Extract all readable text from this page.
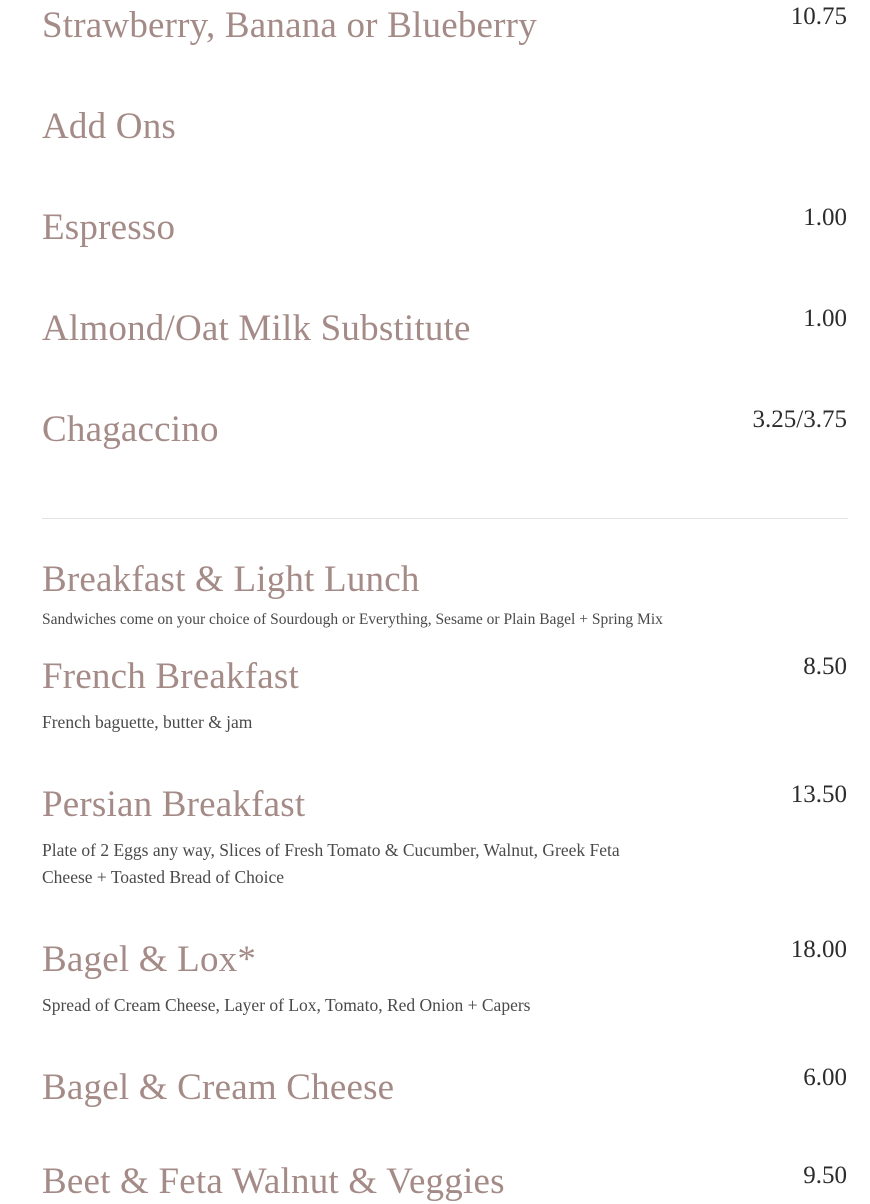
Strawberry, Banana or Blueberry	10.75
Add Ons
Espresso	1.00
Almond/Oat Milk Substitute	1.00
Chagaccino	3.25/3.75
Breakfast & Light Lunch
Sandwiches come on your choice of Sourdough or Everything, Sesame or Plain Bagel + Spring Mix
French Breakfast	8.50
French baguette, butter & jam
Persian Breakfast	13.50
Plate of 2 Eggs any way, Slices of Fresh Tomato & Cucumber, Walnut, Greek Feta Cheese + Toasted Bread of Choice
Bagel & Lox*	18.00
Spread of Cream Cheese, Layer of Lox, Tomato, Red Onion + Capers
Bagel & Cream Cheese	6.00
Beet & Feta Walnut & Veggies	9.50
